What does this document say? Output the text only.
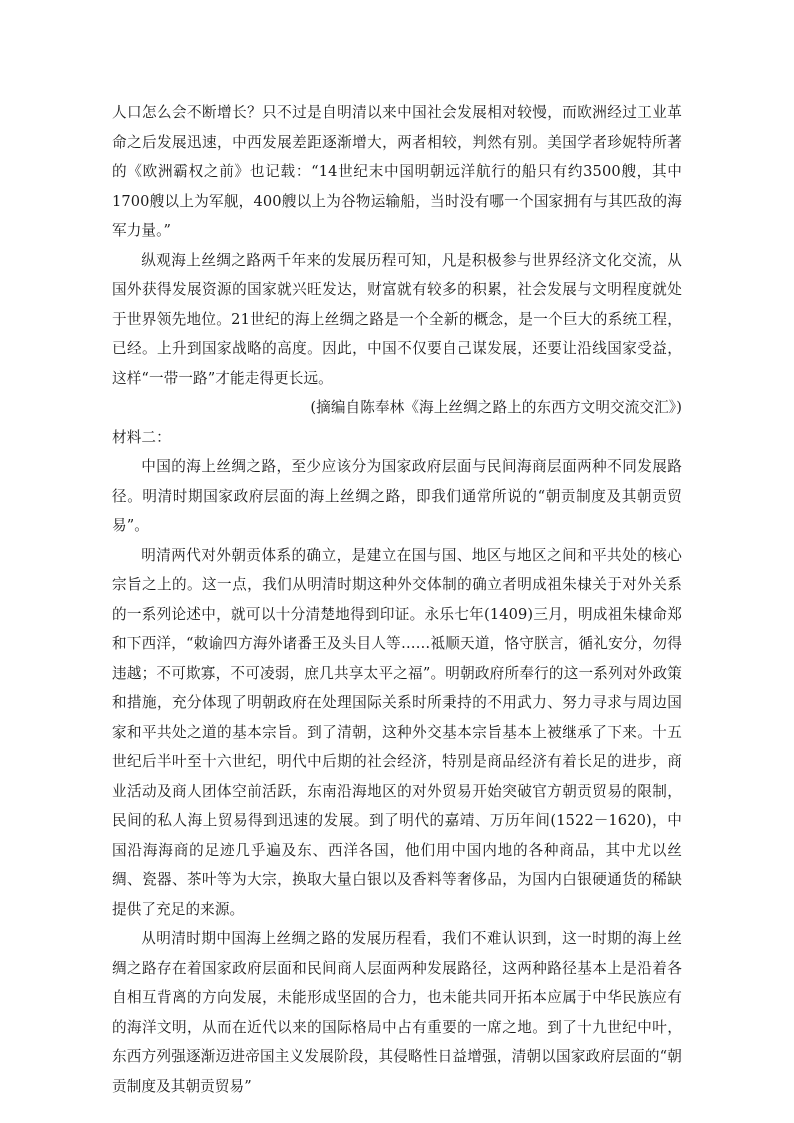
人口怎么会不断增长？只不过是自明清以来中国社会发展相对较慢，而欧洲经过工业革命之后发展迅速，中西发展差距逐渐增大，两者相较，判然有别。美国学者珍妮特所著的《欧洲霸权之前》也记载：“14世纪末中国明朝远洋航行的船只有约3500艘，其中1700艘以上为军舰，400艘以上为谷物运输船，当时没有哪一个国家拥有与其匹敌的海军力量。”

纵观海上丝绸之路两千年来的发展历程可知，凡是积极参与世界经济文化交流，从国外获得发展资源的国家就兴旺发达，财富就有较多的积累，社会发展与文明程度就处于世界领先地位。21世纪的海上丝绸之路是一个全新的概念，是一个巨大的系统工程，已经。上升到国家战略的高度。因此，中国不仅要自己谋发展，还要让沿线国家受益，这样“一带一路”才能走得更长远。

(摘编自陈奉林《海上丝绸之路上的东西方文明交流交汇》)

材料二：

中国的海上丝绸之路，至少应该分为国家政府层面与民间海商层面两种不同发展路径。明清时期国家政府层面的海上丝绸之路，即我们通常所说的“朝贡制度及其朝贡贸易”。

明清两代对外朝贡体系的确立，是建立在国与国、地区与地区之间和平共处的核心宗旨之上的。这一点，我们从明清时期这种外交体制的确立者明成祖朱棣关于对外关系的一系列论述中，就可以十分清楚地得到印证。永乐七年(1409)三月，明成祖朱棣命郑和下西洋，“敕谕四方海外诸番王及头目人等……祗顺天道，恪守朕言，循礼安分，勿得违越；不可欺寡，不可凌弱，庶几共享太平之福”。明朝政府所奉行的这一系列对外政策和措施，充分体现了明朝政府在处理国际关系时所秉持的不用武力、努力寻求与周边国家和平共处之道的基本宗旨。到了清朝，这种外交基本宗旨基本上被继承了下来。十五世纪后半叶至十六世纪，明代中后期的社会经济，特别是商品经济有着长足的进步，商业活动及商人团体空前活跃，东南沿海地区的对外贸易开始突破官方朝贡贸易的限制，民间的私人海上贸易得到迅速的发展。到了明代的嘉靖、万历年间(1522－1620)，中国沿海海商的足迹几乎遍及东、西洋各国，他们用中国内地的各种商品，其中尤以丝绸、瓷器、茶叶等为大宗，换取大量白银以及香料等奢侈品，为国内白银硬通货的稀缺提供了充足的来源。

从明清时期中国海上丝绸之路的发展历程看，我们不难认识到，这一时期的海上丝绸之路存在着国家政府层面和民间商人层面两种发展路径，这两种路径基本上是沿着各自相互背离的方向发展，未能形成坚固的合力，也未能共同开拓本应属于中华民族应有的海洋文明，从而在近代以来的国际格局中占有重要的一席之地。到了十九世纪中叶，东西方列强逐渐迈进帝国主义发展阶段，其侵略性日益增强，清朝以国家政府层面的“朝贡制度及其朝贡贸易”
